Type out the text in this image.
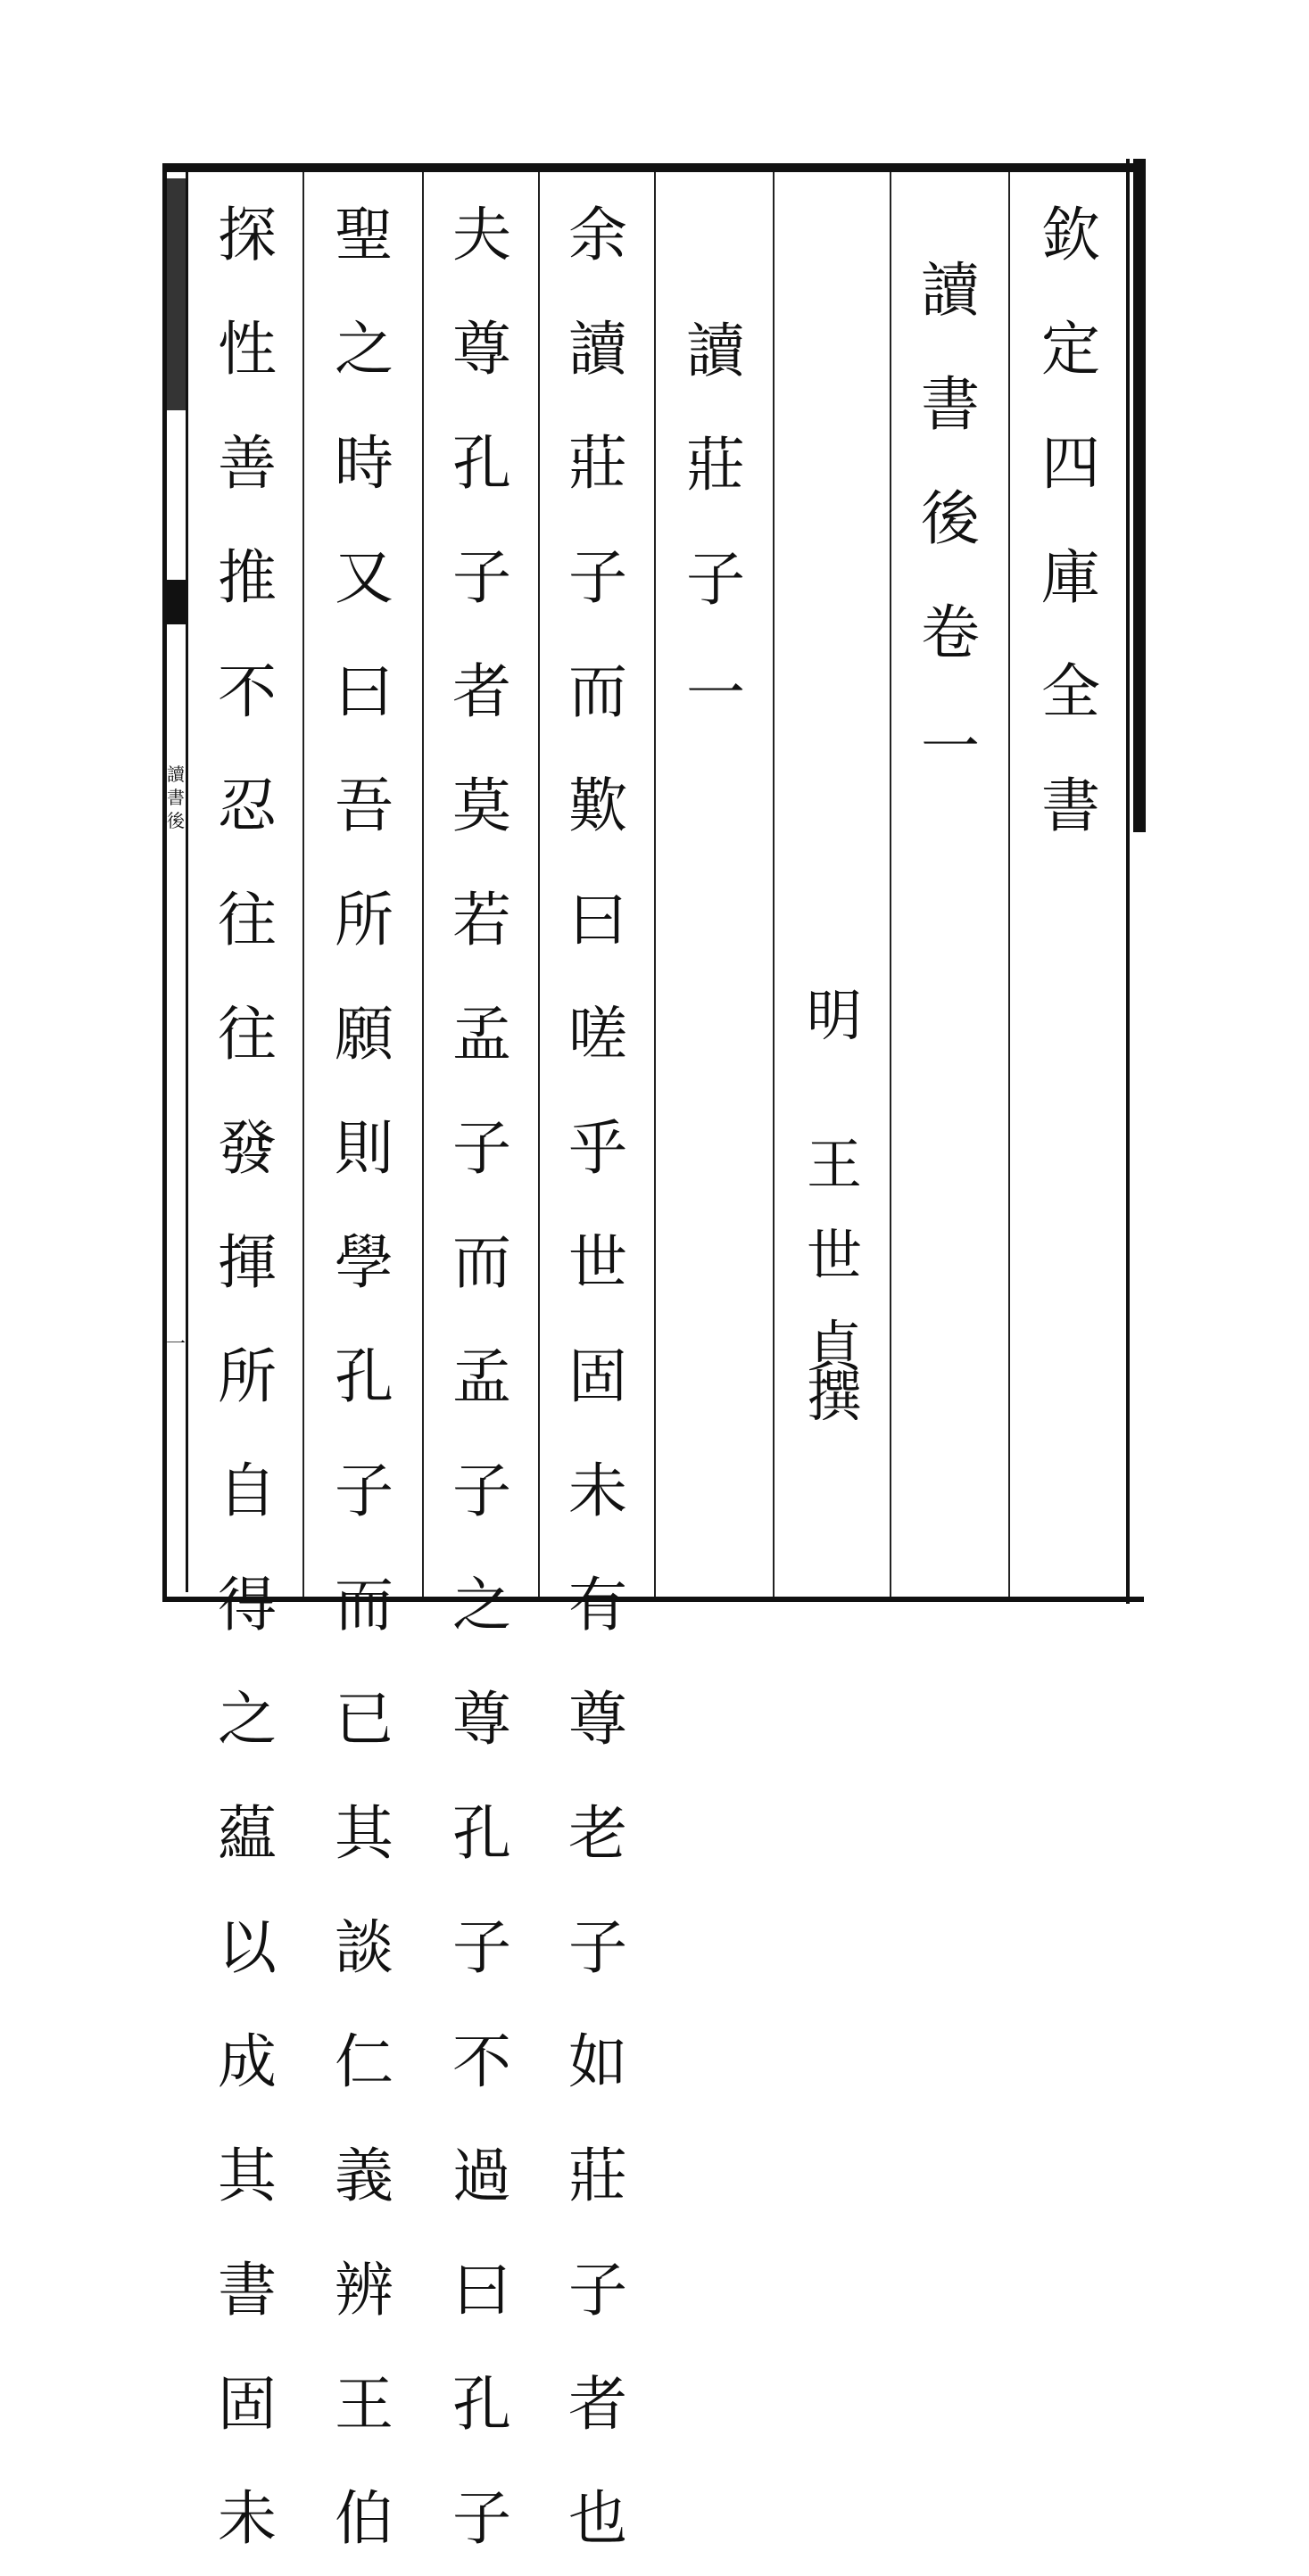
欽
定
四
庫
全
書
讀
書
後
卷
一
明
王
世
貞
撰
讀
莊
子
一
余
讀
莊
子
而
歎
曰
嗟
乎
世
固
未
有
尊
老
子
如
莊
子
者
也
夫
尊
孔
子
者
莫
若
孟
子
而
孟
子
之
尊
孔
子
不
過
曰
孔
子
聖
之
時
又
曰
吾
所
願
則
學
孔
子
而
已
其
談
仁
義
辨
王
伯
探
性
善
推
不
忍
往
往
發
揮
所
自
得
之
藴
以
成
其
書
固
未
讀
書
後
一
